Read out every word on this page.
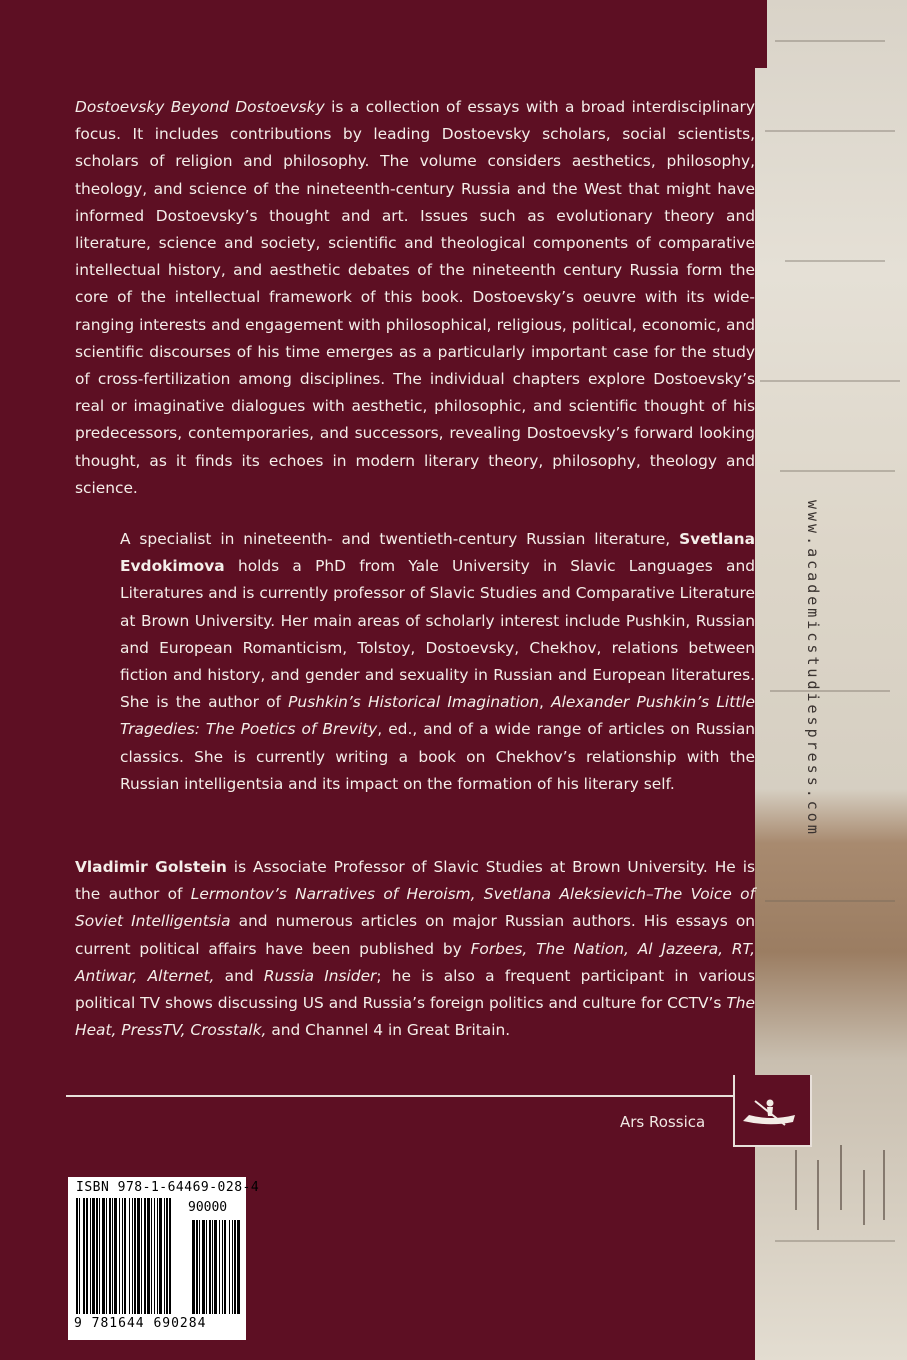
www.academicstudiespress.com
Dostoevsky Beyond Dostoevsky is a collection of essays with a broad interdisciplinary focus. It includes contributions by leading Dostoevsky scholars, social scientists, scholars of religion and philosophy. The volume considers aesthetics, philosophy, theology, and science of the nineteenth-century Russia and the West that might have informed Dostoevsky’s thought and art. Issues such as evolutionary theory and literature, science and society, scientific and theological components of comparative intellectual history, and aesthetic debates of the nineteenth century Russia form the core of the intellectual framework of this book. Dostoevsky’s oeuvre with its wide-ranging interests and engagement with philosophical, religious, political, economic, and scientific discourses of his time emerges as a particularly important case for the study of cross-fertilization among disciplines. The individual chapters explore Dostoevsky’s real or imaginative dialogues with aesthetic, philosophic, and scientific thought of his predecessors, contemporaries, and successors, revealing Dostoevsky’s forward looking thought, as it finds its echoes in modern literary theory, philosophy, theology and science.
A specialist in nineteenth- and twentieth-century Russian literature, Svetlana Evdokimova holds a PhD from Yale University in Slavic Languages and Literatures and is currently professor of Slavic Studies and Comparative Literature at Brown University. Her main areas of scholarly interest include Pushkin, Russian and European Romanticism, Tolstoy, Dostoevsky, Chekhov, relations between fiction and history, and gender and sexuality in Russian and European literatures. She is the author of Pushkin’s Historical Imagination, Alexander Pushkin’s Little Tragedies: The Poetics of Brevity, ed., and of a wide range of articles on Russian classics. She is currently writing a book on Chekhov’s relationship with the Russian intelligentsia and its impact on the formation of his literary self.
Vladimir Golstein is Associate Professor of Slavic Studies at Brown University. He is the author of Lermontov’s Narratives of Heroism, Svetlana Aleksievich–The Voice of Soviet Intelligentsia and numerous articles on major Russian authors. His essays on current political affairs have been published by Forbes, The Nation, Al Jazeera, RT, Antiwar, Alternet, and Russia Insider; he is also a frequent participant in various political TV shows discussing US and Russia’s foreign politics and culture for CCTV’s The Heat, PressTV, Crosstalk, and Channel 4 in Great Britain.
Ars Rossica
ISBN 978-1-64469-028-4
90000
9 781644 690284
